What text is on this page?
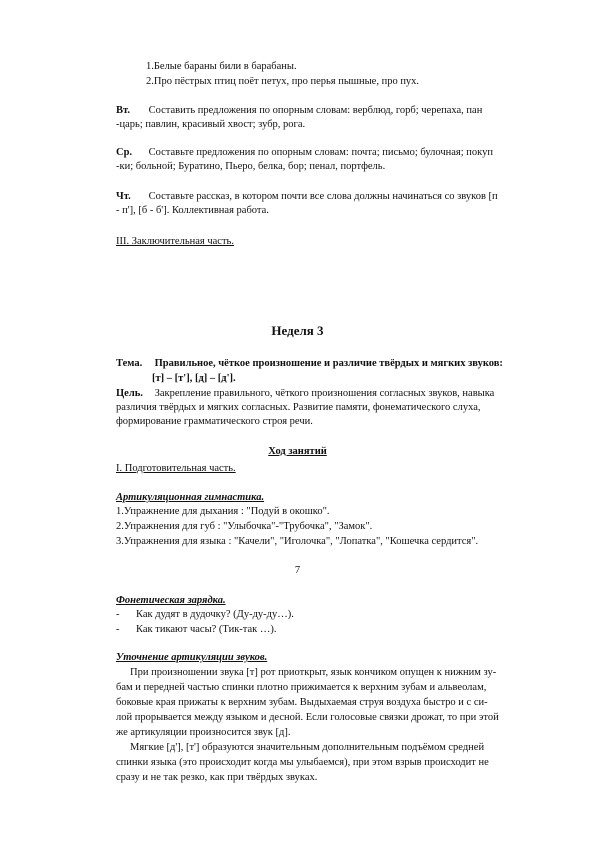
1.Белые бараны били в барабаны.
2.Про пёстрых птиц поёт петух, про перья пышные, про пух.
Вт. Составить предложения по опорным словам: верблюд, горб; черепаха, пан
-царь; павлин, красивый хвост; зубр, рога.
Ср. Составьте предложения по опорным словам: почта; письмо; булочная; покуп
-ки; больной; Буратино, Пьеро, белка, бор; пенал, портфель.
Чт. Составьте рассказ, в котором почти все слова должны начинаться со звуков [п
- п'], [б - б']. Коллективная работа.
III. Заключительная часть.
Неделя 3
Тема. Правильное, чёткое произношение и различие твёрдых и мягких звуков:
[т] – [т'], [д] – [д'].
Цель. Закрепление правильного, чёткого произношения согласных звуков, навыка
различия твёрдых и мягких согласных. Развитие памяти, фонематического слуха,
формирование грамматического строя речи.
Ход занятий
I. Подготовительная часть.
Артикуляционная гимнастика.
1.Упражнение для дыхания : "Подуй в окошко".
2.Упражнения для губ : "Улыбочка"-"Трубочка", "Замок".
3.Упражнения для языка : "Качели", "Иголочка", "Лопатка", "Кошечка сердится".
7
Фонетическая зарядка.
- Как дудят в дудочку? (Ду-ду-ду…).
- Как тикают часы? (Тик-так …).
Уточнение артикуляции звуков.
При произношении звука [т] рот приоткрыт, язык кончиком опущен к нижним зу-
бам и передней частью спинки плотно прижимается к верхним зубам и альвеолам,
боковые края прижаты к верхним зубам. Выдыхаемая струя воздуха быстро и с си-
лой прорывается между языком и десной. Если голосовые связки дрожат, то при этой
же артикуляции произносится звук [д].
Мягкие [д'], [т'] образуются значительным дополнительным подъёмом средней
спинки языка (это происходит когда мы улыбаемся), при этом взрыв происходит не
сразу и не так резко, как при твёрдых звуках.
